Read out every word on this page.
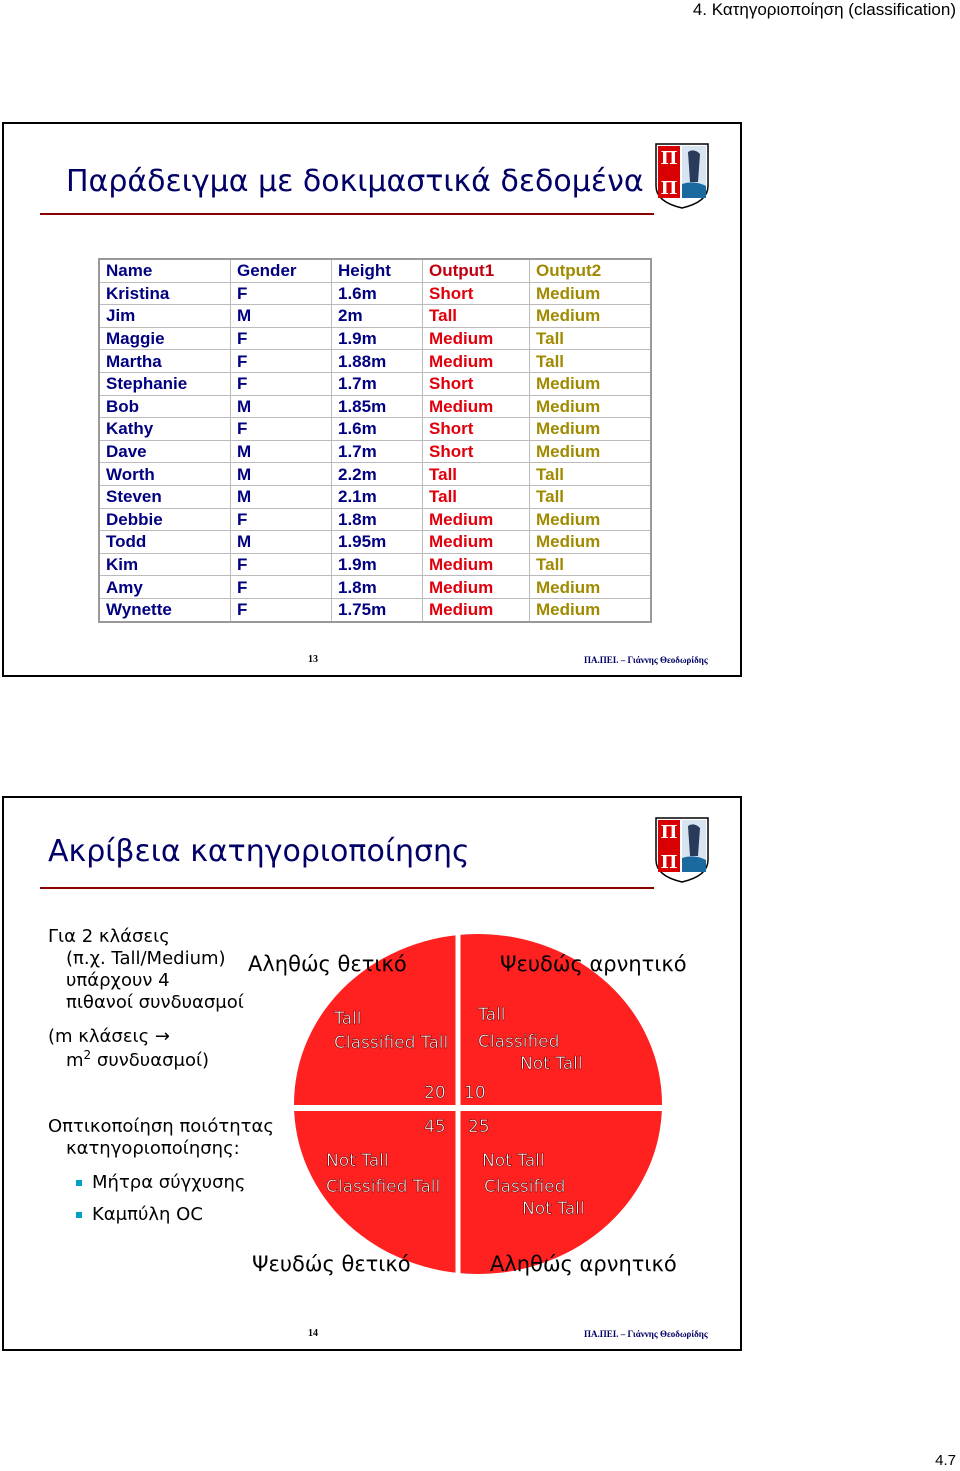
4. Κατηγοριοποίηση (classification)
Παράδειγμα με δοκιμαστικά δεδομένα
Π
Π
Name	Gender	Height	Output1	Output2
Kristina	F	1.6m	Short	Medium
Jim	M	2m	Tall	Medium
Maggie	F	1.9m	Medium	Tall
Martha	F	1.88m	Medium	Tall
Stephanie	F	1.7m	Short	Medium
Bob	M	1.85m	Medium	Medium
Kathy	F	1.6m	Short	Medium
Dave	M	1.7m	Short	Medium
Worth	M	2.2m	Tall	Tall
Steven	M	2.1m	Tall	Tall
Debbie	F	1.8m	Medium	Medium
Todd	M	1.95m	Medium	Medium
Kim	F	1.9m	Medium	Tall
Amy	F	1.8m	Medium	Medium
Wynette	F	1.75m	Medium	Medium
13	ΠΑ.ΠΕΙ. – Γιάννης Θεοδωρίδης
Ακρίβεια κατηγοριοποίησης
Π
Π
Tall
Classified Tall
20
Tall
Classified
Not Tall
10
45 25
Not Tall
Classified Tall
Not Tall
Classified
Not Tall
Για 2 κλάσεις
(π.χ. Tall/Medium)
υπάρχουν 4
πιθανοί συνδυασμοί
(m κλάσεις →
$m^2$ συνδυασμοί)
Οπτικοποίηση ποιότητας
κατηγοριοποίησης:
Μήτρα σύγχυσης
Καμπύλη OC
Αληθώς θετικό	Ψευδώς αρνητικό
Ψευδώς θετικό	Αληθώς αρνητικό
14	ΠΑ.ΠΕΙ. – Γιάννης Θεοδωρίδης
4.7
